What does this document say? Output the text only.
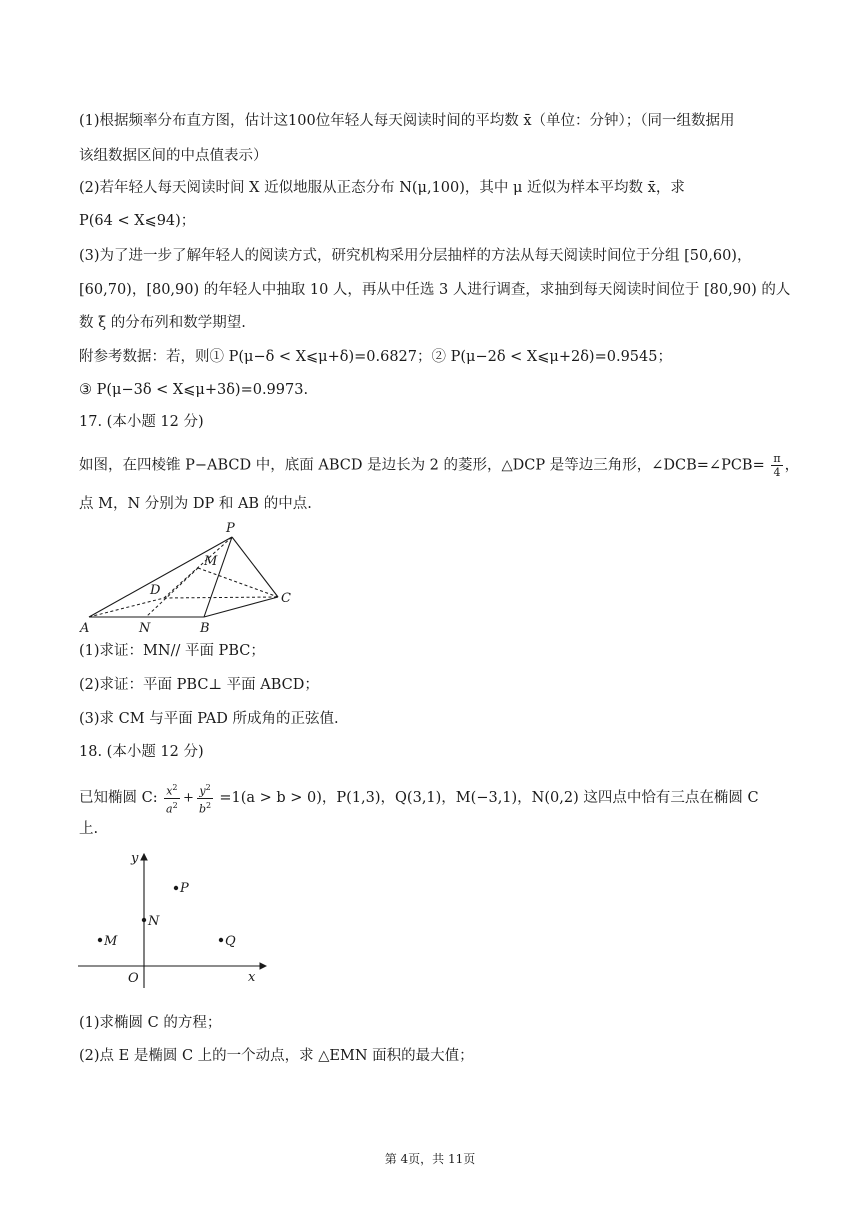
(1)根据频率分布直方图，估计这100位年轻人每天阅读时间的平均数 x̄（单位：分钟）；（同一组数据用
该组数据区间的中点值表示）
(2)若年轻人每天阅读时间 X 近似地服从正态分布 N(μ,100)，其中 μ 近似为样本平均数 x̄，求
P(64 < X⩽94)；
(3)为了进一步了解年轻人的阅读方式，研究机构采用分层抽样的方法从每天阅读时间位于分组 [50,60)，
[60,70)，[80,90) 的年轻人中抽取 10 人，再从中任选 3 人进行调查，求抽到每天阅读时间位于 [80,90) 的人
数 ξ 的分布列和数学期望.
附参考数据：若，则① P(μ−δ < X⩽μ+δ)=0.6827；② P(μ−2δ < X⩽μ+2δ)=0.9545；
③ P(μ−3δ < X⩽μ+3δ)=0.9973.
17. (本小题 12 分)
如图，在四棱锥 P−ABCD 中，底面 ABCD 是边长为 2 的菱形，△DCP 是等边三角形，∠DCB=∠PCB= $\frac{\pi}{4}$ ，
点 M，N 分别为 DP 和 AB 的中点.
P
M
D
C
A	N	B
(1)求证：MN// 平面 PBC；
(2)求证：平面 PBC⊥ 平面 ABCD；
(3)求 CM 与平面 PAD 所成角的正弦值.
18. (本小题 12 分)
已知椭圆 C: $\frac{x^2}{a^2} + \frac{y^2}{b^2} =1(a > b > 0)$，P(1,3)，Q(3,1)，M(−3,1)，N(0,2) 这四点中恰有三点在椭圆 C
上.
y
x
O
P
N
M	Q
(1)求椭圆 C 的方程；
(2)点 E 是椭圆 C 上的一个动点，求 △EMN 面积的最大值；
第 4页，共 11页
